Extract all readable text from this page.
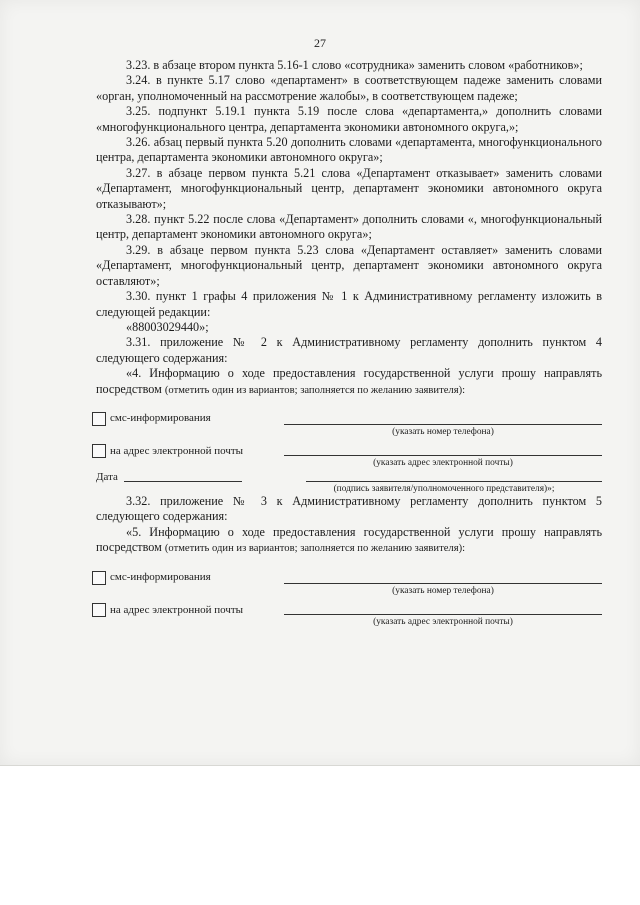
27

3.23. в абзаце втором пункта 5.16-1 слово «сотрудника» заменить словом «работников»;

3.24. в пункте 5.17 слово «департамент» в соответствующем падеже заменить словами «орган, уполномоченный на рассмотрение жалобы», в соответствующем падеже;

3.25. подпункт 5.19.1 пункта 5.19 после слова «департамента,» дополнить словами «многофункционального центра, департамента экономики автономного округа,»;

3.26. абзац первый пункта 5.20 дополнить словами «департамента, многофункционального центра, департамента экономики автономного округа»;

3.27. в абзаце первом пункта 5.21 слова «Департамент отказывает» заменить словами «Департамент, многофункциональный центр, департамент экономики автономного округа отказывают»;

3.28. пункт 5.22 после слова «Департамент» дополнить словами «, многофункциональный центр, департамент экономики автономного округа»;

3.29. в абзаце первом пункта 5.23 слова «Департамент оставляет» заменить словами «Департамент, многофункциональный центр, департамент экономики автономного округа оставляют»;

3.30. пункт 1 графы 4 приложения № 1 к Административному регламенту изложить в следующей редакции:

«88003029440»;

3.31. приложение № 2 к Административному регламенту дополнить пунктом 4 следующего содержания:

«4. Информацию о ходе предоставления государственной услуги прошу направлять посредством (отметить один из вариантов; заполняется по желанию заявителя):

смс-информирования
(указать номер телефона)
на адрес электронной почты
(указать адрес электронной почты)
Дата
(подпись заявителя/уполномоченного представителя)»;

3.32. приложение № 3 к Административному регламенту дополнить пунктом 5 следующего содержания:

«5. Информацию о ходе предоставления государственной услуги прошу направлять посредством (отметить один из вариантов; заполняется по желанию заявителя):

смс-информирования
(указать номер телефона)
на адрес электронной почты
(указать адрес электронной почты)
